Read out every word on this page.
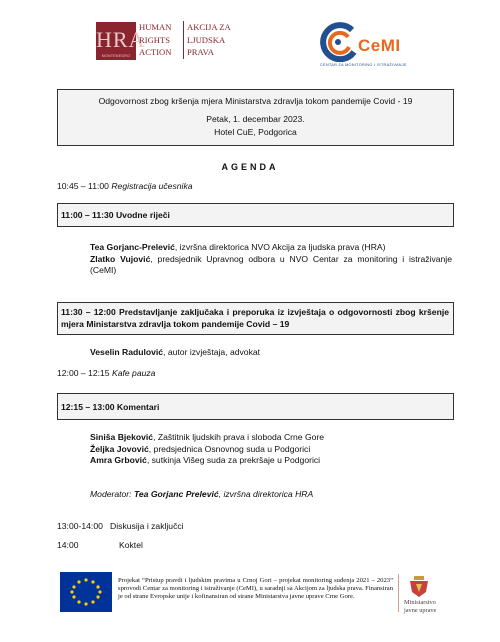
HRA
MONTENEGRO
HUMAN
RIGHTS
ACTION
AKCIJA ZA
LJUDSKA
PRAVA	CeMI
CENTAR ZA MONITORING I ISTRAŽIVANJE
Odgovornost zbog kršenja mjera Ministarstva zdravlja tokom pandemije Covid - 19
Petak, 1. decembar 2023.
Hotel CuE, Podgorica
AGENDA
10:45 – 11:00 Registracija učesnika
11:00 – 11:30 Uvodne riječi
Tea Gorjanc-Prelević, izvršna direktorica NVO Akcija za ljudska prava (HRA)
Zlatko Vujović, predsjednik Upravnog odbora u NVO Centar za monitoring i istraživanje (CeMI)
11:30 – 12:00 Predstavljanje zaključaka i preporuka iz izvještaja o odgovornosti zbog kršenje mjera Ministarstva zdravlja tokom pandemije Covid – 19
Veselin Radulović, autor izvještaja, advokat
12:00 – 12:15 Kafe pauza
12:15 – 13:00 Komentari
Siniša Bjeković, Zaštitnik ljudskih prava i sloboda Crne Gore
Željka Jovović, predsjednica Osnovnog suda u Podgorici
Amra Grbović, sutkinja Višeg suda za prekršaje u Podgorici
Moderator: Tea Gorjanc Prelević, izvršna direktorica HRA
13:00-14:00 Diskusija i zaključci
14:00	Koktel
Projekat “Pristup pravdi i ljudskim pravima u Crnoj Gori – projekat monitoring suđenja 2021 – 2023” sprovodi Centar za monitoring i istraživanje (CeMI), u saradnji sa Akcijom za ljudska prava. Finansiran je od strane Evropske unije i kofinansiran od strane Ministarstva javne uprave Crne Gore.
Ministarstvo
javne uprave
